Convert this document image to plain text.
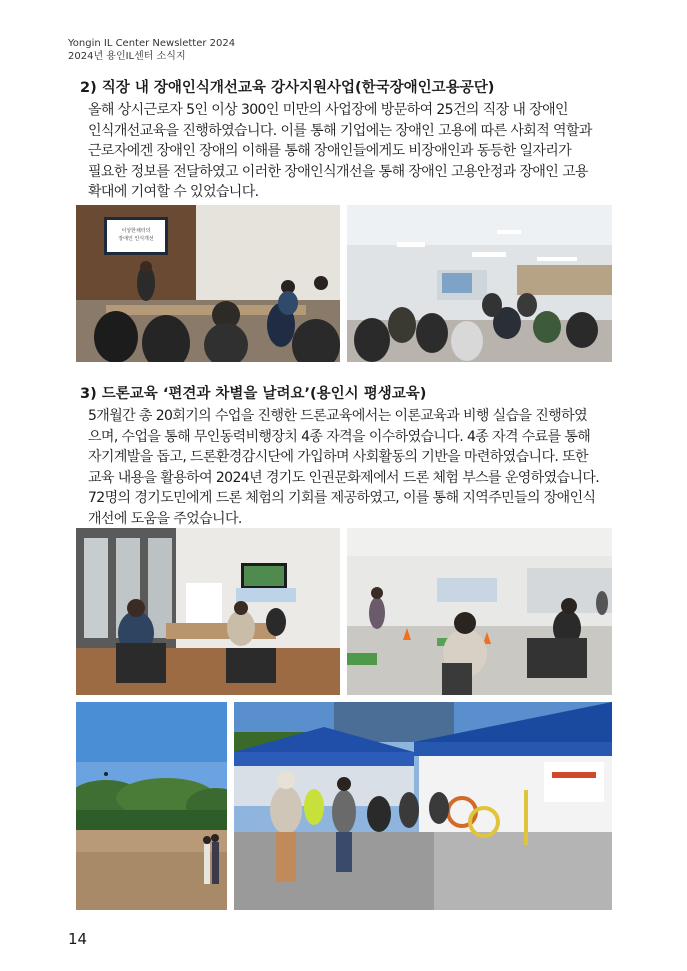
Yongin IL Center Newsletter 2024
2024년 용인IL센터 소식지
2) 직장 내 장애인식개선교육 강사지원사업(한국장애인고용공단)

올해 상시근로자 5인 이상 300인 미만의 사업장에 방문하여 25건의 직장 내 장애인

인식개선교육을 진행하였습니다. 이를 통해 기업에는 장애인 고용에 따른 사회적 역할과

근로자에겐 장애인 장애의 이해를 통해 장애인들에게도 비장애인과 동등한 일자리가

필요한 정보를 전달하였고 이러한 장애인식개선을 통해 장애인 고용안정과 장애인 고용

확대에 기여할 수 있었습니다.

이상한채터의
장애인 인식개선
3) 드론교육 ‘편견과 차별을 날려요’(용인시 평생교육)

5개월간 총 20회기의 수업을 진행한 드론교육에서는 이론교육과 비행 실습을 진행하였

으며, 수업을 통해 무인동력비행장치 4종 자격을 이수하였습니다. 4종 자격 수료를 통해

자기계발을 돕고, 드론환경감시단에 가입하며 사회활동의 기반을 마련하였습니다. 또한

교육 내용을 활용하여 2024년 경기도 인권문화제에서 드론 체험 부스를 운영하였습니다.

72명의 경기도민에게 드론 체험의 기회를 제공하였고, 이를 통해 지역주민들의 장애인식

개선에 도움을 주었습니다.

14
